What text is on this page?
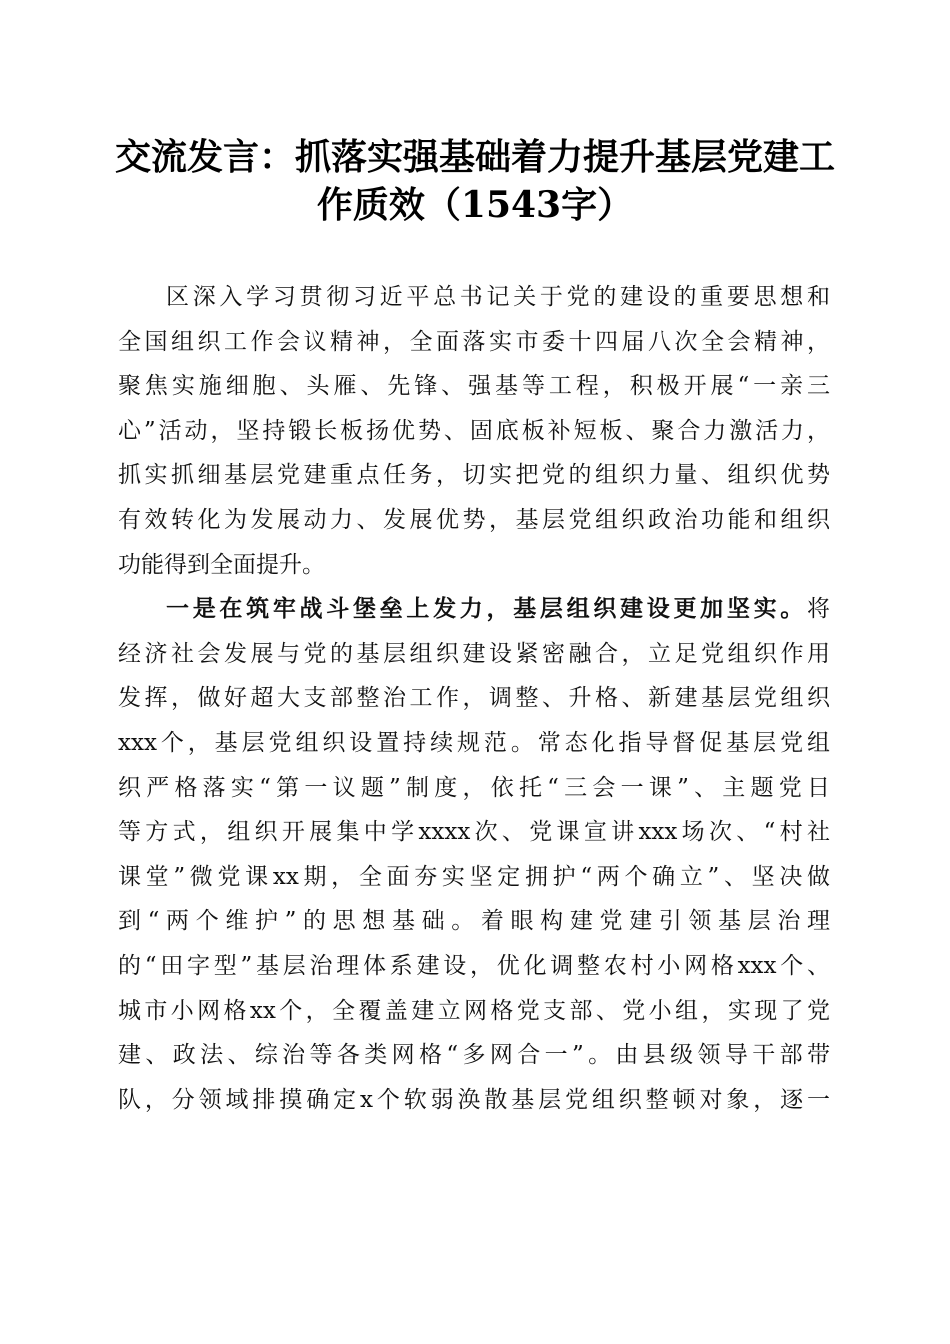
交流发言：抓落实强基础着力提升基层党建工
作质效（1543字）

区深入学习贯彻习近平总书记关于党的建设的重要思想和
全国组织工作会议精神，全面落实市委十四届八次全会精神，
聚焦实施细胞、头雁、先锋、强基等工程，积极开展“一亲三
心”活动，坚持锻长板扬优势、固底板补短板、聚合力激活力，
抓实抓细基层党建重点任务，切实把党的组织力量、组织优势
有效转化为发展动力、发展优势，基层党组织政治功能和组织
功能得到全面提升。

一是在筑牢战斗堡垒上发力，基层组织建设更加坚实。将
经济社会发展与党的基层组织建设紧密融合，立足党组织作用
发挥，做好超大支部整治工作，调整、升格、新建基层党组织
xxx个，基层党组织设置持续规范。常态化指导督促基层党组
织严格落实“第一议题”制度，依托“三会一课”、主题党日
等方式，组织开展集中学xxxx次、党课宣讲xxx场次、“村社
课堂”微党课xx期，全面夯实坚定拥护“两个确立”、坚决做
到“两个维护”的思想基础。着眼构建党建引领基层治理
的“田字型”基层治理体系建设，优化调整农村小网格xxx个、
城市小网格xx个，全覆盖建立网格党支部、党小组，实现了党
建、政法、综治等各类网格“多网合一”。由县级领导干部带
队，分领域排摸确定x个软弱涣散基层党组织整顿对象，逐一
